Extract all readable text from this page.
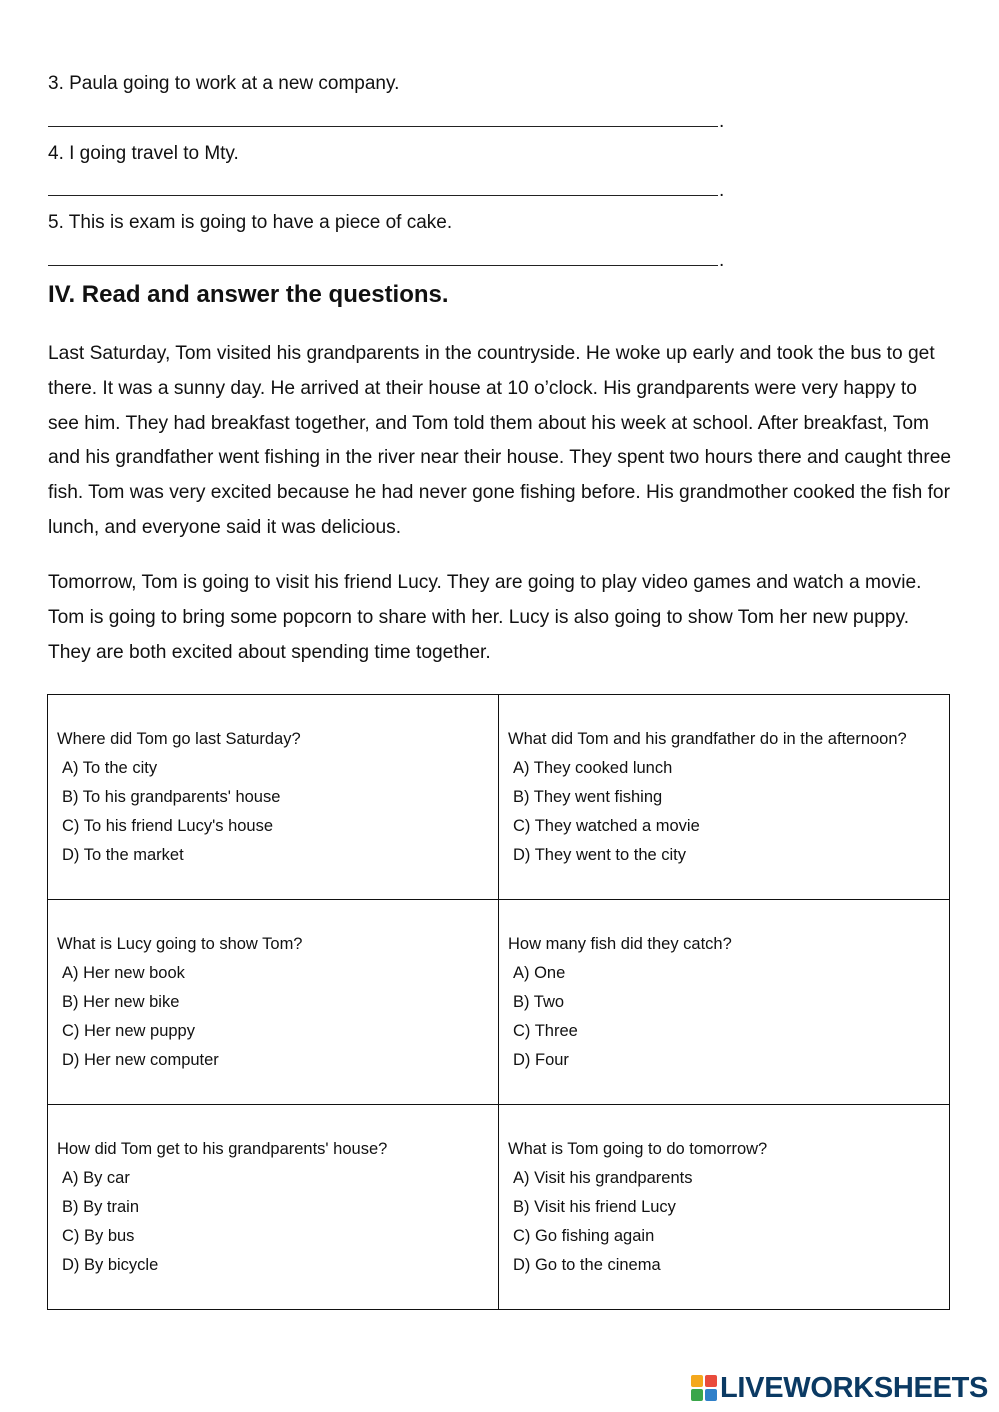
3. Paula going to work at a new company.
.
4. I going travel to Mty.
.
5. This is exam is going to have a piece of cake.
.
IV. Read and answer the questions.

Last Saturday, Tom visited his grandparents in the countryside. He woke up early and took the bus to get there. It was a sunny day. He arrived at their house at 10 o’clock. His grandparents were very happy to see him. They had breakfast together, and Tom told them about his week at school. After breakfast, Tom and his grandfather went fishing in the river near their house. They spent two hours there and caught three fish. Tom was very excited because he had never gone fishing before. His grandmother cooked the fish for lunch, and everyone said it was delicious.

Tomorrow, Tom is going to visit his friend Lucy. They are going to play video games and watch a movie. Tom is going to bring some popcorn to share with her. Lucy is also going to show Tom her new puppy. They are both excited about spending time together.

Where did Tom go last Saturday?
A) To the city
B) To his grandparents' house
C) To his friend Lucy's house
D) To the market	What did Tom and his grandfather do in the afternoon?
A) They cooked lunch
B) They went fishing
C) They watched a movie
D) They went to the city

What is Lucy going to show Tom?
A) Her new book
B) Her new bike
C) Her new puppy
D) Her new computer	How many fish did they catch?
A) One
B) Two
C) Three
D) Four

How did Tom get to his grandparents' house?
A) By car
B) By train
C) By bus
D) By bicycle	What is Tom going to do tomorrow?
A) Visit his grandparents
B) Visit his friend Lucy
C) Go fishing again
D) Go to the cinema
LIVEWORKSHEETS
